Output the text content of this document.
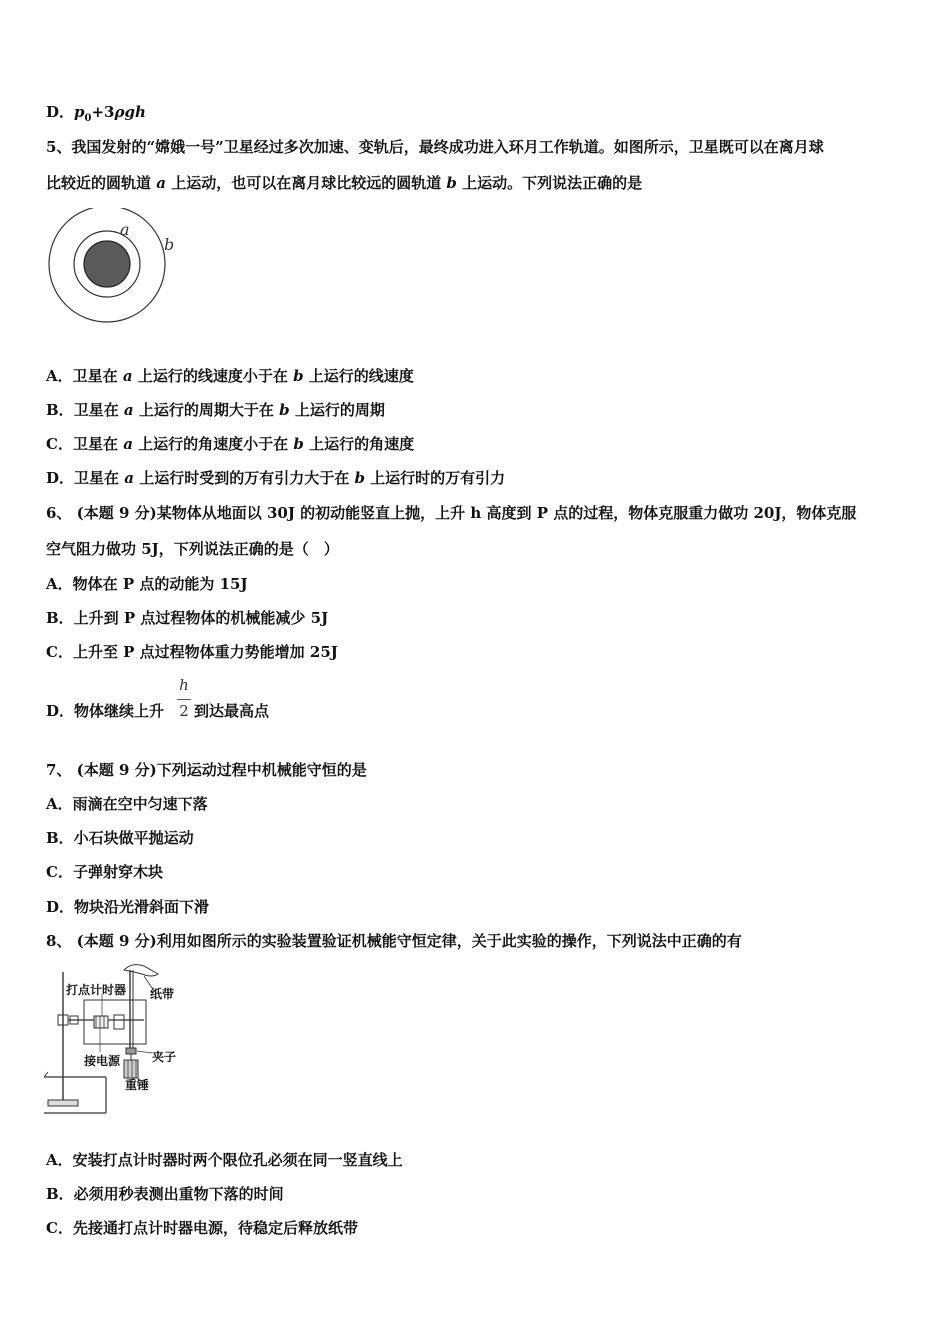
D．$p_0+3\rho gh$
5、我国发射的“嫦娥一号”卫星经过多次加速、变轨后，最终成功进入环月工作轨道。如图所示，卫星既可以在离月球
比较近的圆轨道 a 上运动，也可以在离月球比较远的圆轨道 b 上运动。下列说法正确的是
a
b
A．卫星在 a 上运行的线速度小于在 b 上运行的线速度
B．卫星在 a 上运行的周期大于在 b 上运行的周期
C．卫星在 a 上运行的角速度小于在 b 上运行的角速度
D．卫星在 a 上运行时受到的万有引力大于在 b 上运行时的万有引力
6、 (本题 9 分)某物体从地面以 30J 的初动能竖直上抛，上升 h 高度到 P 点的过程，物体克服重力做功 20J，物体克服
空气阻力做功 5J，下列说法正确的是（　）
A．物体在 P 点的动能为 15J
B．上升到 P 点过程物体的机械能减少 5J
C．上升至 P 点过程物体重力势能增加 25J
D．物体继续上升 到达最高点
h
2
7、 (本题 9 分)下列运动过程中机械能守恒的是
A．雨滴在空中匀速下落
B．小石块做平抛运动
C．子弹射穿木块
D．物块沿光滑斜面下滑
8、 (本题 9 分)利用如图所示的实验装置验证机械能守恒定律，关于此实验的操作，下列说法中正确的有
打点计时器 纸带
接电源	夹子
重锤
A．安装打点计时器时两个限位孔必须在同一竖直线上
B．必须用秒表测出重物下落的时间
C．先接通打点计时器电源，待稳定后释放纸带
